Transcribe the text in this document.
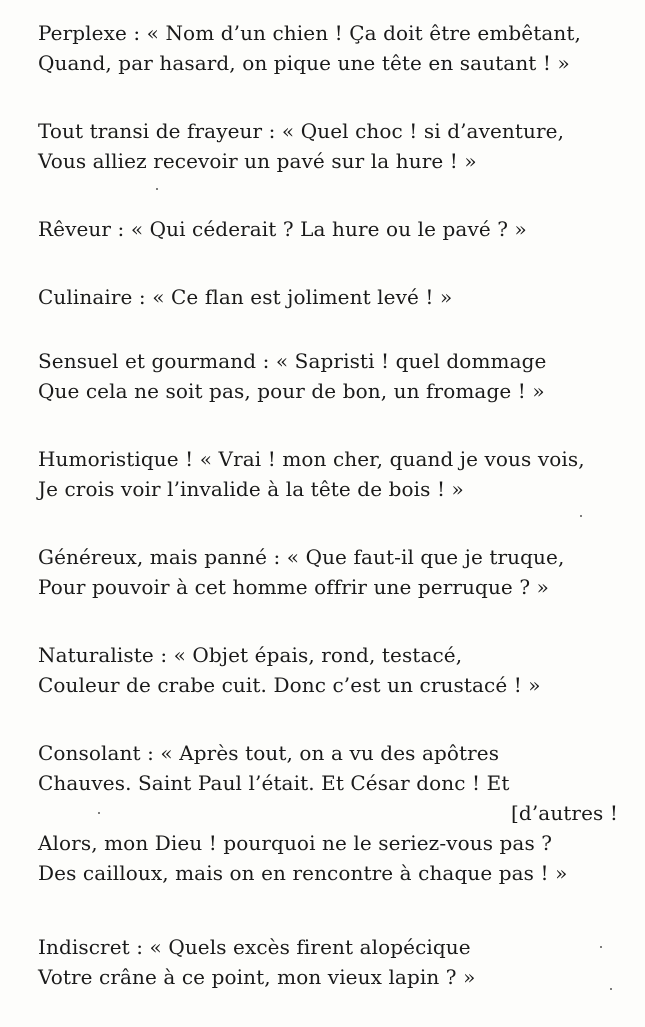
Perplexe : « Nom d’un chien ! Ça doit être embêtant,
Quand, par hasard, on pique une tête en sautant ! »
Tout transi de frayeur : « Quel choc ! si d’aventure,
Vous alliez recevoir un pavé sur la hure ! »
Rêveur : « Qui céderait ? La hure ou le pavé ? »
Culinaire : « Ce flan est joliment levé ! »
Sensuel et gourmand : « Sapristi ! quel dommage
Que cela ne soit pas, pour de bon, un fromage ! »
Humoristique ! « Vrai ! mon cher, quand je vous vois,
Je crois voir l’invalide à la tête de bois ! »
Généreux, mais panné : « Que faut-il que je truque,
Pour pouvoir à cet homme offrir une perruque ? »
Naturaliste : « Objet épais, rond, testacé,
Couleur de crabe cuit. Donc c’est un crustacé ! »
Consolant : « Après tout, on a vu des apôtres
Chauves. Saint Paul l’était. Et César donc ! Et
[d’autres !
Alors, mon Dieu ! pourquoi ne le seriez-vous pas ?
Des cailloux, mais on en rencontre à chaque pas ! »
Indiscret : « Quels excès firent alopécique
Votre crâne à ce point, mon vieux lapin ? »
